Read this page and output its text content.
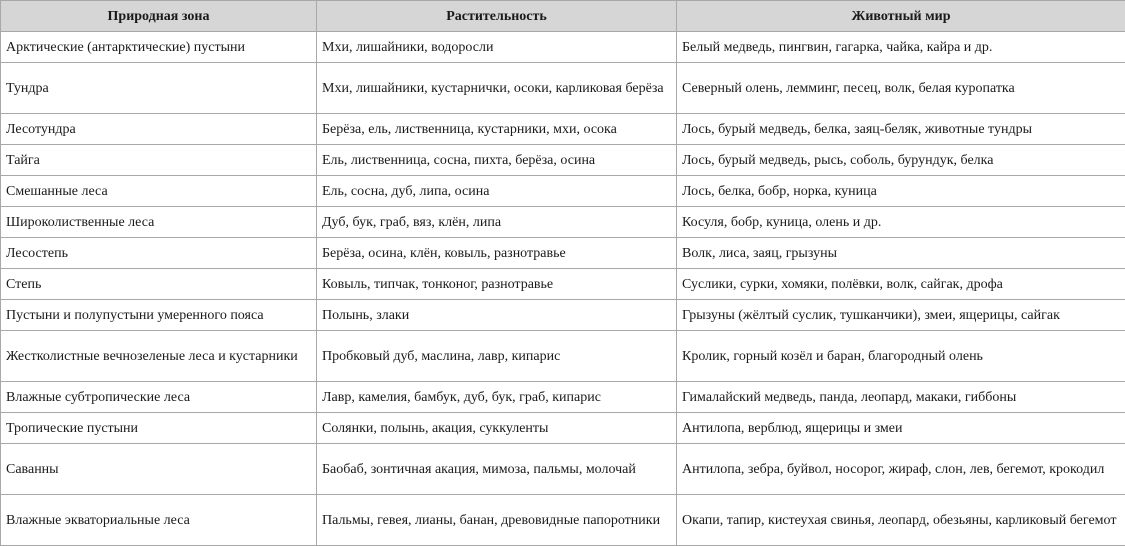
Природная зона	Растительность	Животный мир
Арктические (антарктические) пустыни	Мхи, лишайники, водоросли	Белый медведь, пингвин, гагарка, чайка, кайра и др.
Тундра	Мхи, лишайники, кустарнички, осоки, карликовая берёза	Северный олень, лемминг, песец, волк, белая куропатка
Лесотундра	Берёза, ель, лиственница, кустарники, мхи, осока	Лось, бурый медведь, белка, заяц-беляк, животные тундры
Тайга	Ель, лиственница, сосна, пихта, берёза, осина	Лось, бурый медведь, рысь, соболь, бурундук, белка
Смешанные леса	Ель, сосна, дуб, липа, осина	Лось, белка, бобр, норка, куница
Широколиственные леса	Дуб, бук, граб, вяз, клён, липа	Косуля, бобр, куница, олень и др.
Лесостепь	Берёза, осина, клён, ковыль, разнотравье	Волк, лиса, заяц, грызуны
Степь	Ковыль, типчак, тонконог, разнотравье	Суслики, сурки, хомяки, полёвки, волк, сайгак, дрофа
Пустыни и полупустыни умеренного пояса	Полынь, злаки	Грызуны (жёлтый суслик, тушканчики), змеи, ящерицы, сайгак
Жестколистные вечнозеленые леса и кустарники	Пробковый дуб, маслина, лавр, кипарис	Кролик, горный козёл и баран, благородный олень
Влажные субтропические леса	Лавр, камелия, бамбук, дуб, бук, граб, кипарис	Гималайский медведь, панда, леопард, макаки, гиббоны
Тропические пустыни	Солянки, полынь, акация, суккуленты	Антилопа, верблюд, ящерицы и змеи
Саванны	Баобаб, зонтичная акация, мимоза, пальмы, молочай	Антилопа, зебра, буйвол, носорог, жираф, слон, лев, бегемот, крокодил
Влажные экваториальные леса	Пальмы, гевея, лианы, банан, древовидные папоротники	Окапи, тапир, кистеухая свинья, леопард, обезьяны, карликовый бегемот
